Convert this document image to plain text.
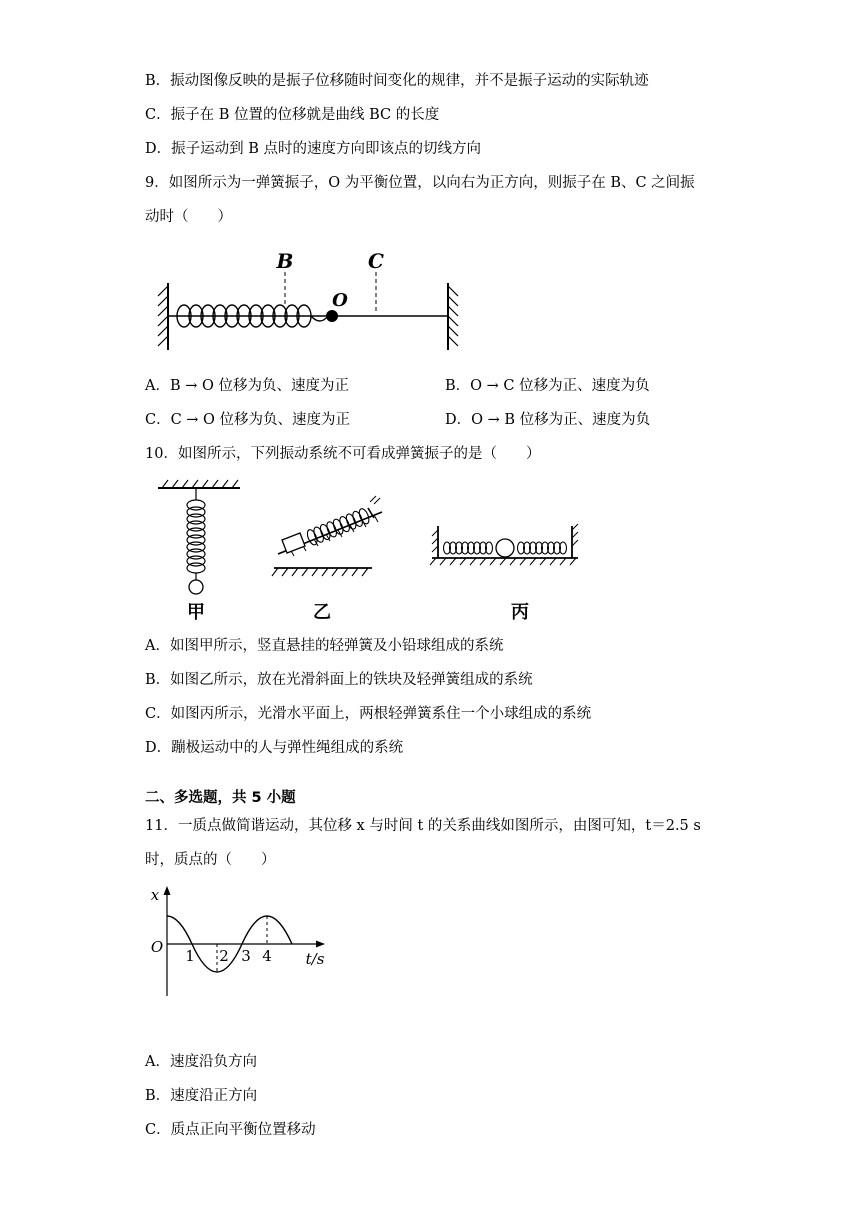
B．振动图像反映的是振子位移随时间变化的规律，并不是振子运动的实际轨迹
C．振子在 B 位置的位移就是曲线 BC 的长度
D．振子运动到 B 点时的速度方向即该点的切线方向
9．如图所示为一弹簧振子，O 为平衡位置，以向右为正方向，则振子在 B、C 之间振
动时（　　）
B	C
O
A．B → O 位移为负、速度为正	B．O → C 位移为正、速度为负
C．C → O 位移为负、速度为正	D．O → B 位移为正、速度为负
10．如图所示，下列振动系统不可看成弹簧振子的是（　　）
甲	乙	丙
A．如图甲所示，竖直悬挂的轻弹簧及小铅球组成的系统
B．如图乙所示，放在光滑斜面上的铁块及轻弹簧组成的系统
C．如图丙所示，光滑水平面上，两根轻弹簧系住一个小球组成的系统
D．蹦极运动中的人与弹性绳组成的系统
二、多选题，共 5 小题
11．一质点做简谐运动，其位移 x 与时间 t 的关系曲线如图所示，由图可知，t＝2.5 s
时，质点的（　　）
x
O 1 2 3 4 t/s
A．速度沿负方向
B．速度沿正方向
C．质点正向平衡位置移动
